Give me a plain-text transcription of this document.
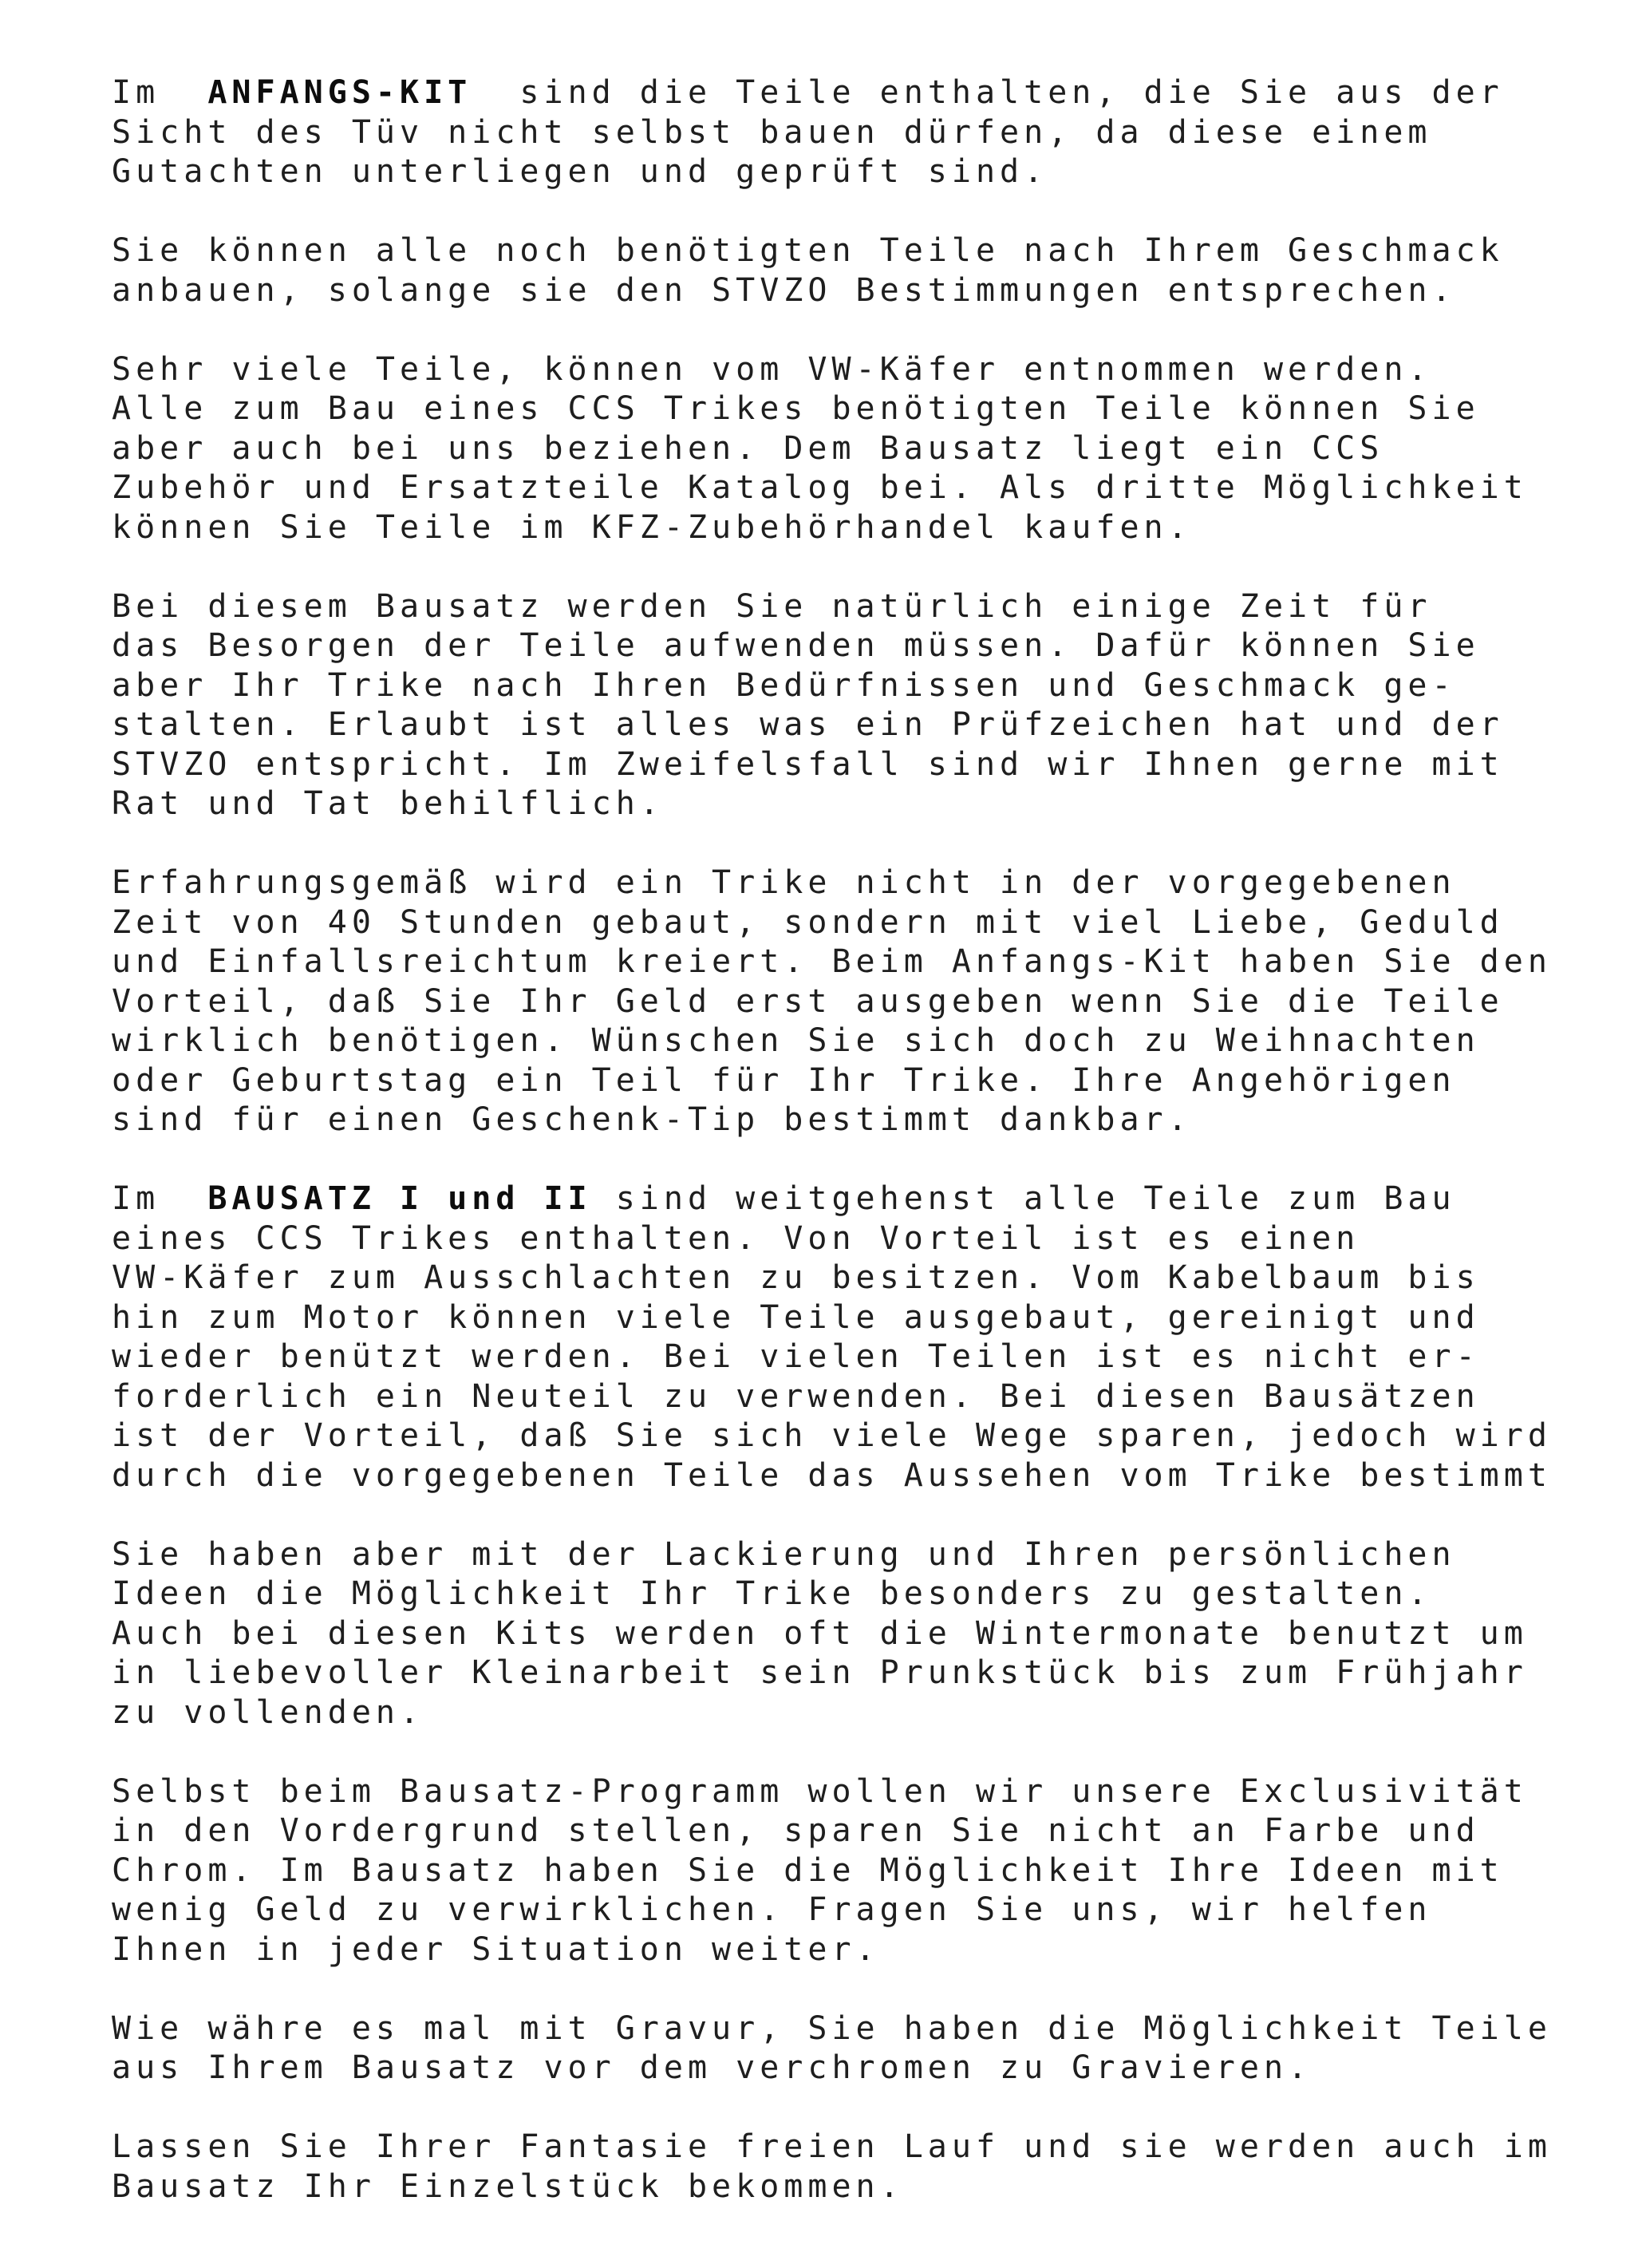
Im  ANFANGS-KIT  sind die Teile enthalten, die Sie aus der
Sicht des Tüv nicht selbst bauen dürfen, da diese einem
Gutachten unterliegen und geprüft sind.
Sie können alle noch benötigten Teile nach Ihrem Geschmack
anbauen, solange sie den STVZO Bestimmungen entsprechen.
Sehr viele Teile, können vom VW-Käfer entnommen werden.
Alle zum Bau eines CCS Trikes benötigten Teile können Sie
aber auch bei uns beziehen. Dem Bausatz liegt ein CCS
Zubehör und Ersatzteile Katalog bei. Als dritte Möglichkeit
können Sie Teile im KFZ-Zubehörhandel kaufen.
Bei diesem Bausatz werden Sie natürlich einige Zeit für
das Besorgen der Teile aufwenden müssen. Dafür können Sie
aber Ihr Trike nach Ihren Bedürfnissen und Geschmack ge-
stalten. Erlaubt ist alles was ein Prüfzeichen hat und der
STVZO entspricht. Im Zweifelsfall sind wir Ihnen gerne mit
Rat und Tat behilflich.
Erfahrungsgemäß wird ein Trike nicht in der vorgegebenen
Zeit von 40 Stunden gebaut, sondern mit viel Liebe, Geduld
und Einfallsreichtum kreiert. Beim Anfangs-Kit haben Sie den
Vorteil, daß Sie Ihr Geld erst ausgeben wenn Sie die Teile
wirklich benötigen. Wünschen Sie sich doch zu Weihnachten
oder Geburtstag ein Teil für Ihr Trike. Ihre Angehörigen
sind für einen Geschenk-Tip bestimmt dankbar.
Im  BAUSATZ I und II sind weitgehenst alle Teile zum Bau
eines CCS Trikes enthalten. Von Vorteil ist es einen
VW-Käfer zum Ausschlachten zu besitzen. Vom Kabelbaum bis
hin zum Motor können viele Teile ausgebaut, gereinigt und
wieder benützt werden. Bei vielen Teilen ist es nicht er-
forderlich ein Neuteil zu verwenden. Bei diesen Bausätzen
ist der Vorteil, daß Sie sich viele Wege sparen, jedoch wird
durch die vorgegebenen Teile das Aussehen vom Trike bestimmt
Sie haben aber mit der Lackierung und Ihren persönlichen
Ideen die Möglichkeit Ihr Trike besonders zu gestalten.
Auch bei diesen Kits werden oft die Wintermonate benutzt um
in liebevoller Kleinarbeit sein Prunkstück bis zum Frühjahr
zu vollenden.
Selbst beim Bausatz-Programm wollen wir unsere Exclusivität
in den Vordergrund stellen, sparen Sie nicht an Farbe und
Chrom. Im Bausatz haben Sie die Möglichkeit Ihre Ideen mit
wenig Geld zu verwirklichen. Fragen Sie uns, wir helfen
Ihnen in jeder Situation weiter.
Wie währe es mal mit Gravur, Sie haben die Möglichkeit Teile
aus Ihrem Bausatz vor dem verchromen zu Gravieren.
Lassen Sie Ihrer Fantasie freien Lauf und sie werden auch im
Bausatz Ihr Einzelstück bekommen.
